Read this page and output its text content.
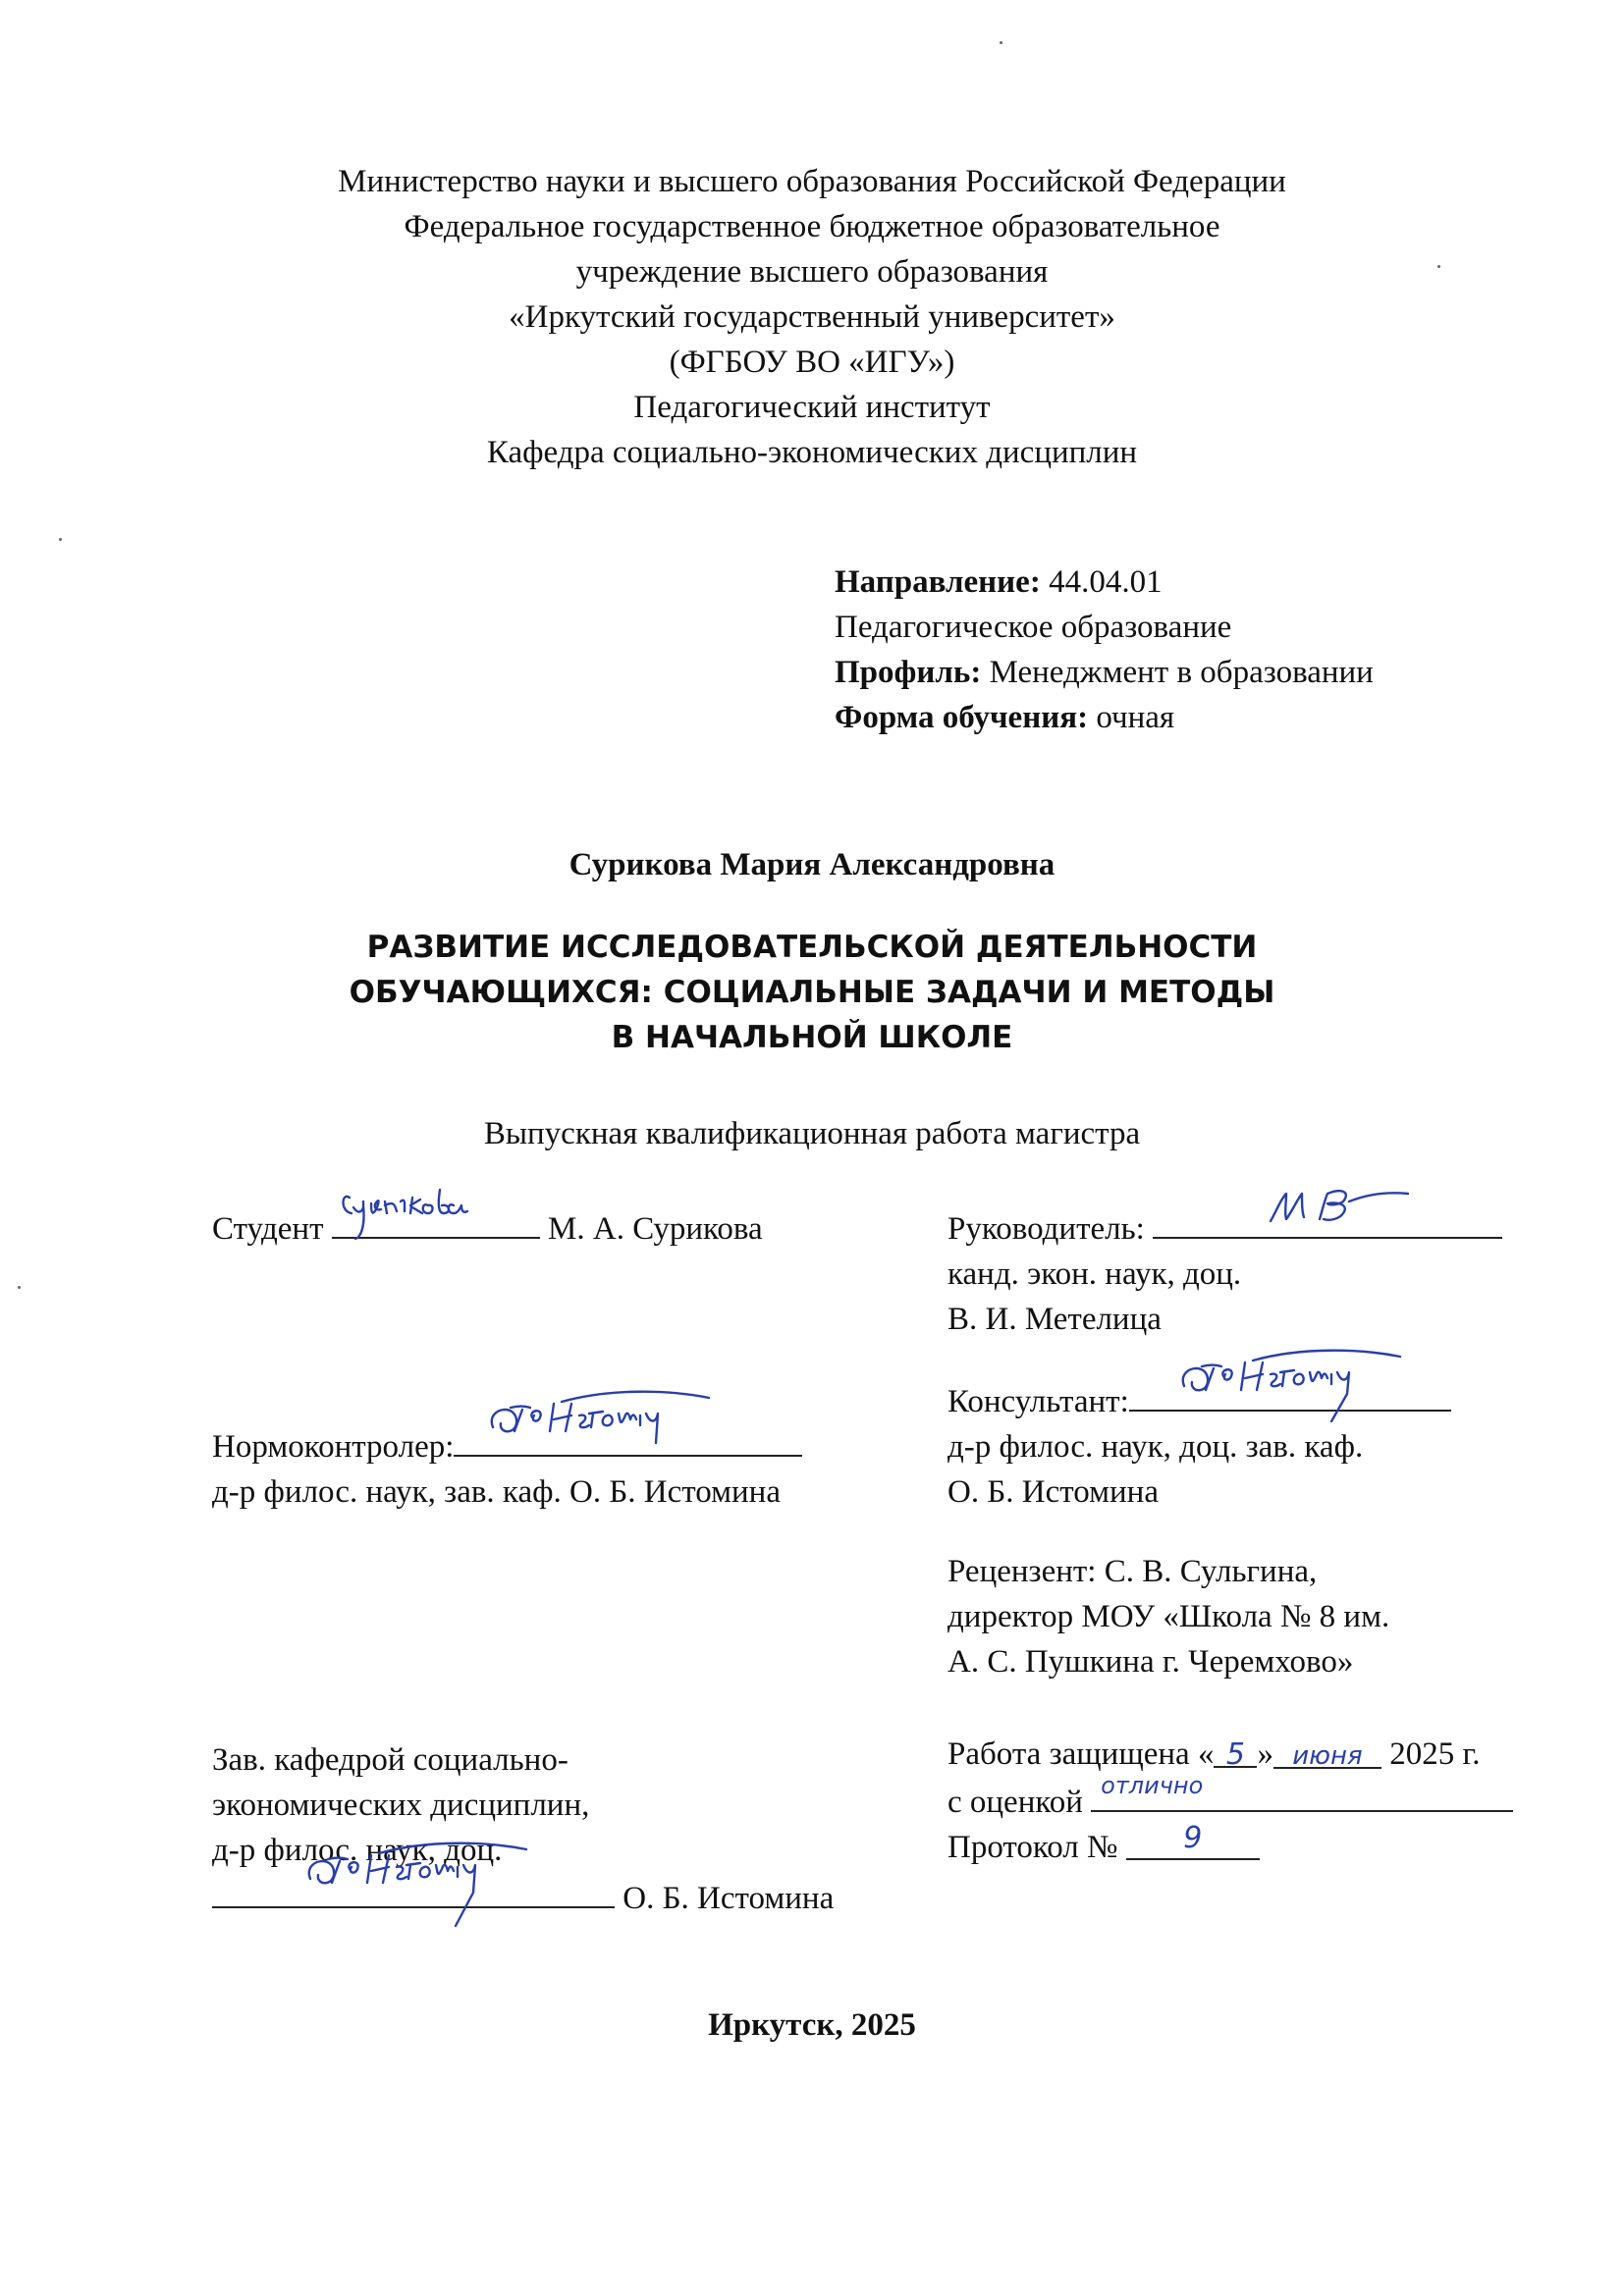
Министерство науки и высшего образования Российской Федерации
Федеральное государственное бюджетное образовательное
учреждение высшего образования
«Иркутский государственный университет»
(ФГБОУ ВО «ИГУ»)
Педагогический институт
Кафедра социально-экономических дисциплин
Направление: 44.04.01
Педагогическое образование
Профиль: Менеджмент в образовании
Форма обучения: очная
Сурикова Мария Александровна
РАЗВИТИЕ ИССЛЕДОВАТЕЛЬСКОЙ ДЕЯТЕЛЬНОСТИ
ОБУЧАЮЩИХСЯ: СОЦИАЛЬНЫЕ ЗАДАЧИ И МЕТОДЫ
В НАЧАЛЬНОЙ ШКОЛЕ
Выпускная квалификационная работа магистра
Студент	М. А. Сурикова
Нормоконтролер:
д-р филос. наук, зав. каф. О. Б. Истомина
Зав. кафедрой социально-
экономических дисциплин,
д-р филос. наук, доц.
О. Б. Истомина
Руководитель:
канд. экон. наук, доц.
В. И. Метелица
Консультант:
д-р филос. наук, доц. зав. каф.
О. Б. Истомина
Рецензент: С. В. Сульгина,
директор МОУ «Школа № 8 им.
А. С. Пушкина г. Черемхово»
Работа защищена « 5 » июня 2025 г.
с оценкой отлично
Протокол № 9
Иркутск, 2025
